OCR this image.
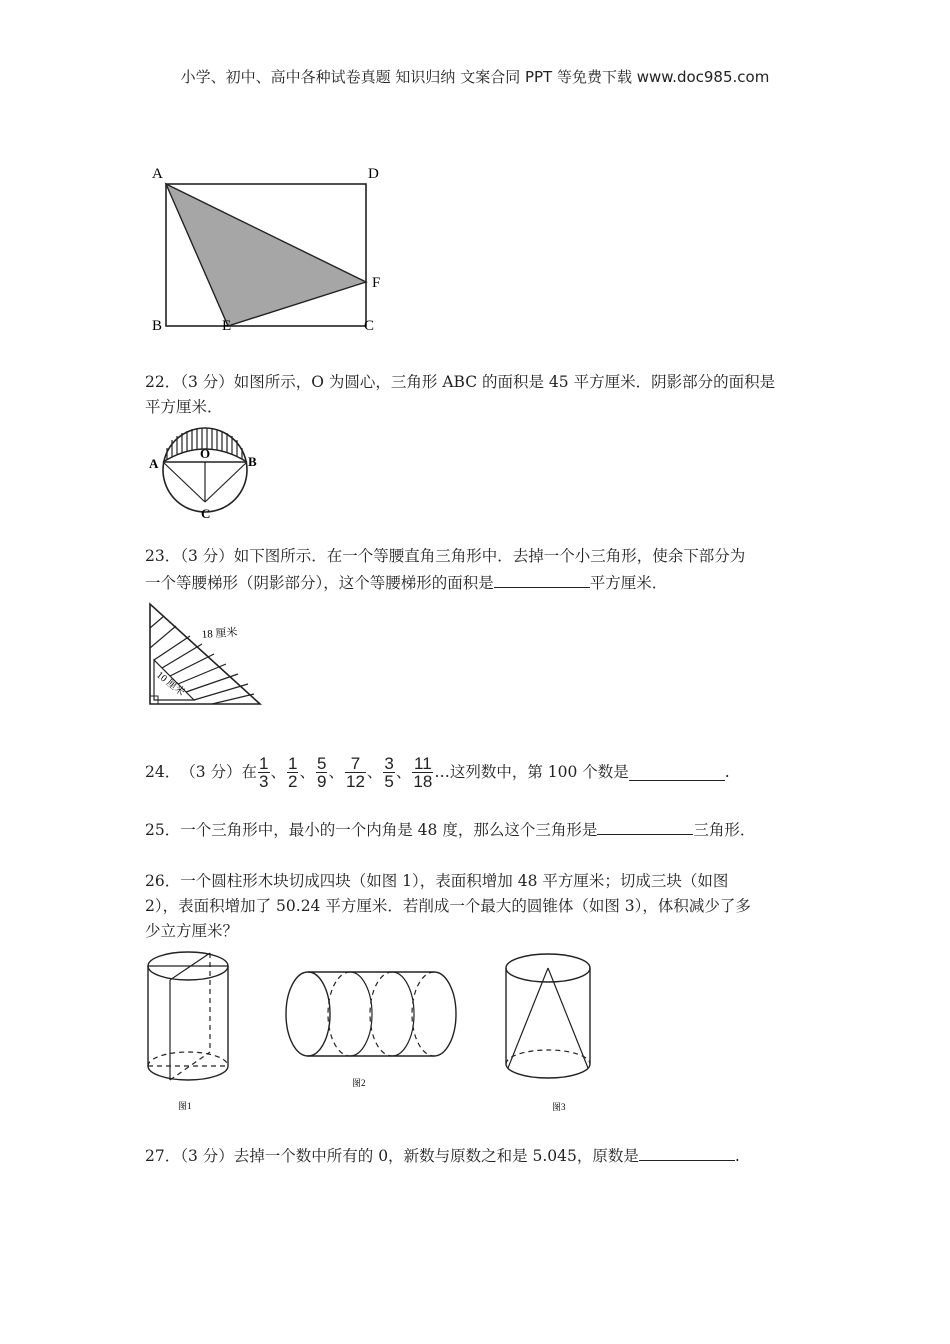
小学、初中、高中各种试卷真题 知识归纳 文案合同 PPT 等免费下载 www.doc985.com
A	D
B	E	C
F
22．（3 分）如图所示，O 为圆心，三角形 ABC 的面积是 45 平方厘米．阴影部分的面积是
平方厘米．
A
O
B
C
23．（3 分）如下图所示．在一个等腰直角三角形中．去掉一个小三角形，使余下部分为
一个等腰梯形（阴影部分），这个等腰梯形的面积是	平方厘米．
18 厘米
10 厘米
24． （3 分）在 $\frac{1}{3}$ 、 $\frac{1}{2}$ 、 $\frac{5}{9}$ 、 $\frac{7}{12}$ 、 $\frac{3}{5}$ 、 $\frac{11}{18}$ … 这列数中，第 100 个数是	.
25．一个三角形中，最小的一个内角是 48 度，那么这个三角形是	三角形．
26．一个圆柱形木块切成四块（如图 1），表面积增加 48 平方厘米；切成三块（如图
2），表面积增加了 50.24 平方厘米．若削成一个最大的圆锥体（如图 3），体积减少了多
少立方厘米？
图1
图2
图3
27．（3 分）去掉一个数中所有的 0，新数与原数之和是 5.045，原数是	.
